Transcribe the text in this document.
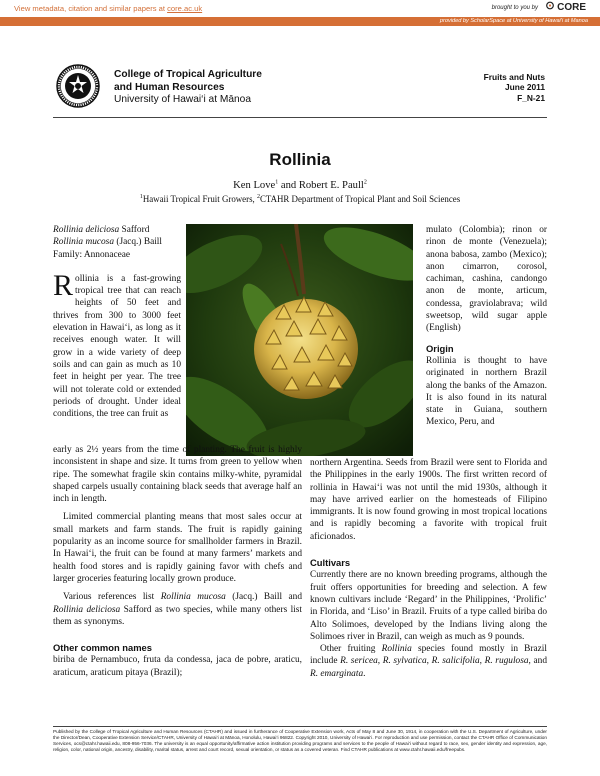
View metadata, citation and similar papers at core.ac.uk	brought to you by	CORE
provided by ScholarSpace at University of Hawai'i at Manoa
College of Tropical Agriculture
and Human Resources
University of Hawai‘i at Mānoa
Fruits and Nuts
June 2011
F_N-21
Rollinia
Ken Love$^1$ and Robert E. Paull$^2$
$^1$Hawaii Tropical Fruit Growers, $^2$CTAHR Department of Tropical Plant and Soil Sciences

Rollinia deliciosa Safford

Rollinia mucosa (Jacq.) Baill

Family: Annonaceae

Rollinia is a fast-growing tropical tree that can reach heights of 50 feet and thrives from 300 to 3000 feet elevation in Hawai‘i, as long as it receives enough water. It will grow in a wide variety of deep soils and can gain as much as 10 feet in height per year. The tree will not tolerate cold or extended periods of drought. Under ideal conditions, the tree can fruit as

mulato (Colombia); rinon or rinon de monte (Venezuela); anona babosa, zambo (Mexico); anon cimarron, corosol, cachiman, cashina, candongo anon de monte, articum, condessa, graviolabrava; wild sweetsop, wild sugar apple (English)

Origin

Rollinia is thought to have originated in northern Brazil along the banks of the Amazon. It is also found in its natural state in Guiana, southern Mexico, Peru, and

early as 2½ years from the time of planting. The fruit is highly inconsistent in shape and size. It turns from green to yellow when ripe. The somewhat fragile skin contains milky-white, pyramidal shaped carpels usually containing black seeds that average half an inch in length.

Limited commercial planting means that most sales occur at small markets and farm stands. The fruit is rapidly gaining popularity as an income source for smallholder farmers in Brazil. In Hawai‘i, the fruit can be found at many farmers’ markets and health food stores and is rapidly gaining favor with chefs and larger groceries featuring locally grown produce.

Various references list Rollinia mucosa (Jacq.) Baill and Rollinia deliciosa Safford as two species, while many others list them as synonyms.

Other common names

biriba de Pernambuco, fruta da condessa, jaca de pobre, araticu, araticum, araticum pitaya (Brazil);

northern Argentina. Seeds from Brazil were sent to Florida and the Philippines in the early 1900s. The first written record of rollinia in Hawai‘i was not until the mid 1930s, although it may have arrived earlier on the homesteads of Filipino immigrants. It is now found growing in most tropical locations and is rapidly becoming a favorite with tropical fruit aficionados.

Cultivars

Currently there are no known breeding programs, although the fruit offers opportunities for breeding and selection. A few known cultivars include ‘Regard’ in the Philippines, ‘Prolific’ in Florida, and ‘Liso’ in Brazil. Fruits of a type called biriba do Alto Solimoes, developed by the Indians living along the Solimoes river in Brazil, can weigh as much as 9 pounds.

Other fruiting Rollinia species found mostly in Brazil include R. sericea, R. sylvatica, R. salicifolia, R. rugulosa, and R. emarginata.

Published by the College of Tropical Agriculture and Human Resources (CTAHR) and issued in furtherance of Cooperative Extension work, Acts of May 8 and June 30, 1914, in cooperation with the U.S. Department of Agriculture, under the Director/Dean, Cooperative Extension Service/CTAHR, University of Hawai‘i at Mānoa, Honolulu, Hawai‘i 96822. Copyright 2010, University of Hawai‘i. For reproduction and use permission, contact the CTAHR Office of Communication Services, ocs@ctahr.hawaii.edu, 808-956-7036. The university is an equal opportunity/affirmative action institution providing programs and services to the people of Hawai‘i without regard to race, sex, gender identity and expression, age, religion, color, national origin, ancestry, disability, marital status, arrest and court record, sexual orientation, or status as a covered veteran. Find CTAHR publications at www.ctahr.hawaii.edu/freepubs.
